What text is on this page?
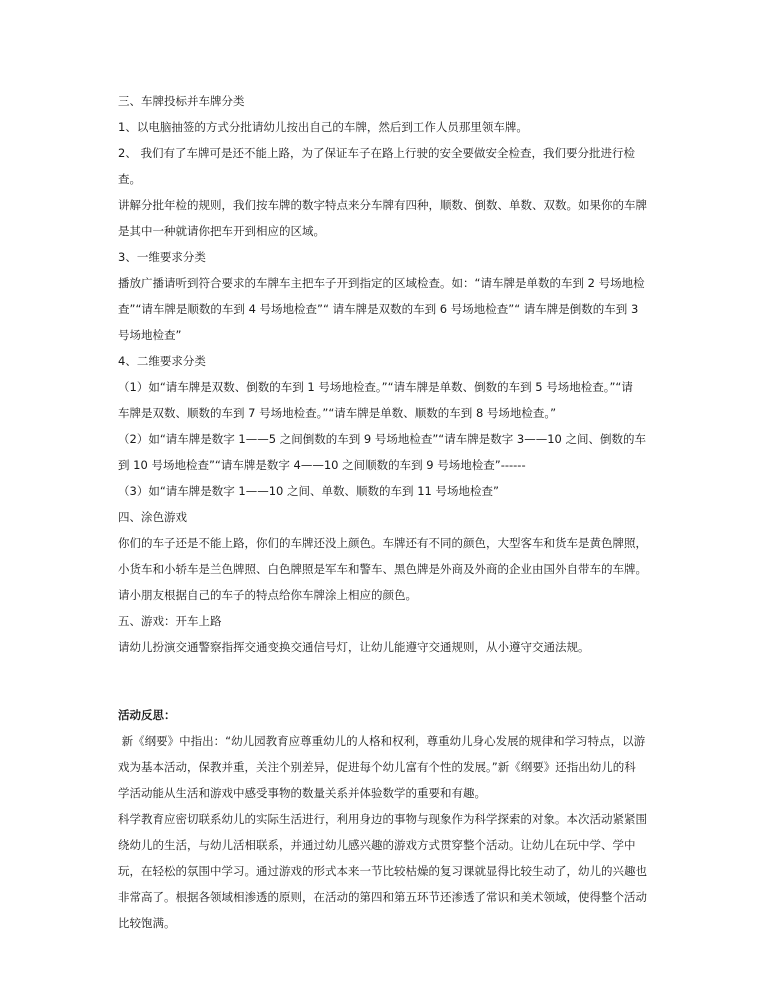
三、车牌投标并车牌分类

1、以电脑抽签的方式分批请幼儿按出自己的车牌，然后到工作人员那里领车牌。

2、 我们有了车牌可是还不能上路，为了保证车子在路上行驶的安全要做安全检查，我们要分批进行检

查。

讲解分批年检的规则，我们按车牌的数字特点来分车牌有四种，顺数、倒数、单数、双数。如果你的车牌

是其中一种就请你把车开到相应的区域。

3、一维要求分类

播放广播请听到符合要求的车牌车主把车子开到指定的区域检查。如：“请车牌是单数的车到 2 号场地检

查”“请车牌是顺数的车到 4 号场地检查”“ 请车牌是双数的车到 6 号场地检查”“ 请车牌是倒数的车到 3

号场地检查”

4、二维要求分类

（1）如“请车牌是双数、倒数的车到 1 号场地检查。”“请车牌是单数、倒数的车到 5 号场地检查。”“请

车牌是双数、顺数的车到 7 号场地检查。”“请车牌是单数、顺数的车到 8 号场地检查。”

（2）如“请车牌是数字 1——5 之间倒数的车到 9 号场地检查”“请车牌是数字 3——10 之间、倒数的车

到 10 号场地检查”“请车牌是数字 4——10 之间顺数的车到 9 号场地检查”------

（3）如“请车牌是数字 1——10 之间、单数、顺数的车到 11 号场地检查”

四、涂色游戏

你们的车子还是不能上路，你们的车牌还没上颜色。车牌还有不同的颜色，大型客车和货车是黄色牌照，

小货车和小轿车是兰色牌照、白色牌照是军车和警车、黑色牌是外商及外商的企业由国外自带车的车牌。

请小朋友根据自己的车子的特点给你车牌涂上相应的颜色。

五、游戏：开车上路

请幼儿扮演交通警察指挥交通变换交通信号灯，让幼儿能遵守交通规则，从小遵守交通法规。

活动反思：

新《纲要》中指出：“幼儿园教育应尊重幼儿的人格和权利，尊重幼儿身心发展的规律和学习特点，以游

戏为基本活动，保教并重，关注个别差异，促进每个幼儿富有个性的发展。”新《纲要》还指出幼儿的科

学活动能从生活和游戏中感受事物的数量关系并体验数学的重要和有趣。

科学教育应密切联系幼儿的实际生活进行，利用身边的事物与现象作为科学探索的对象。本次活动紧紧围

绕幼儿的生活，与幼儿活相联系，并通过幼儿感兴趣的游戏方式贯穿整个活动。让幼儿在玩中学、学中

玩，在轻松的氛围中学习。通过游戏的形式本来一节比较枯燥的复习课就显得比较生动了，幼儿的兴趣也

非常高了。根据各领域相渗透的原则，在活动的第四和第五环节还渗透了常识和美术领域，使得整个活动

比较饱满。
